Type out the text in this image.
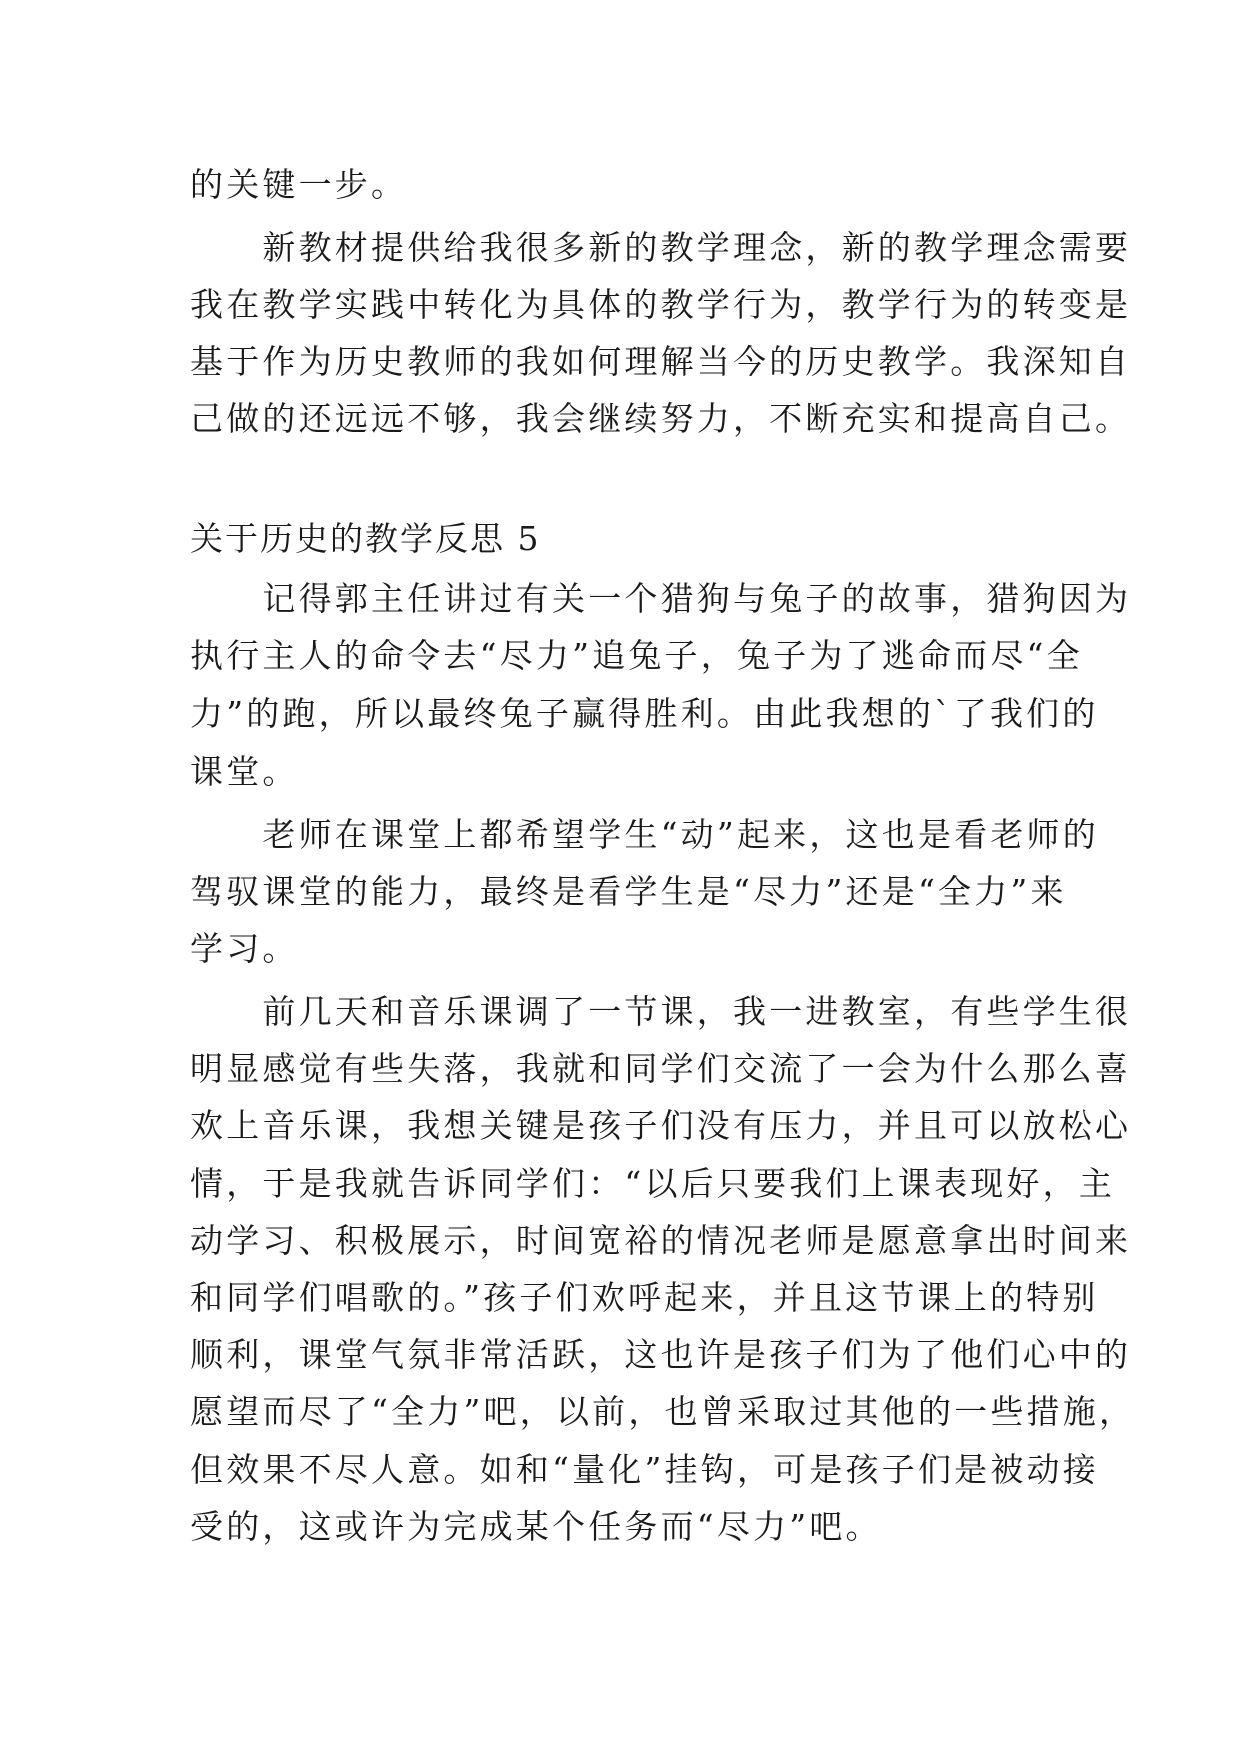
的关键一步。
　　新教材提供给我很多新的教学理念，新的教学理念需要
我在教学实践中转化为具体的教学行为，教学行为的转变是
基于作为历史教师的我如何理解当今的历史教学。我深知自
己做的还远远不够，我会继续努力，不断充实和提高自己。
关于历史的教学反思 5
　　记得郭主任讲过有关一个猎狗与兔子的故事，猎狗因为
执行主人的命令去“尽力”追兔子，兔子为了逃命而尽“全
力”的跑，所以最终兔子赢得胜利。由此我想的`了我们的
课堂。
　　老师在课堂上都希望学生“动”起来，这也是看老师的
驾驭课堂的能力，最终是看学生是“尽力”还是“全力”来
学习。
　　前几天和音乐课调了一节课，我一进教室，有些学生很
明显感觉有些失落，我就和同学们交流了一会为什么那么喜
欢上音乐课，我想关键是孩子们没有压力，并且可以放松心
情，于是我就告诉同学们：“以后只要我们上课表现好，主
动学习、积极展示，时间宽裕的情况老师是愿意拿出时间来
和同学们唱歌的。”孩子们欢呼起来，并且这节课上的特别
顺利，课堂气氛非常活跃，这也许是孩子们为了他们心中的
愿望而尽了“全力”吧，以前，也曾采取过其他的一些措施，
但效果不尽人意。如和“量化”挂钩，可是孩子们是被动接
受的，这或许为完成某个任务而“尽力”吧。
